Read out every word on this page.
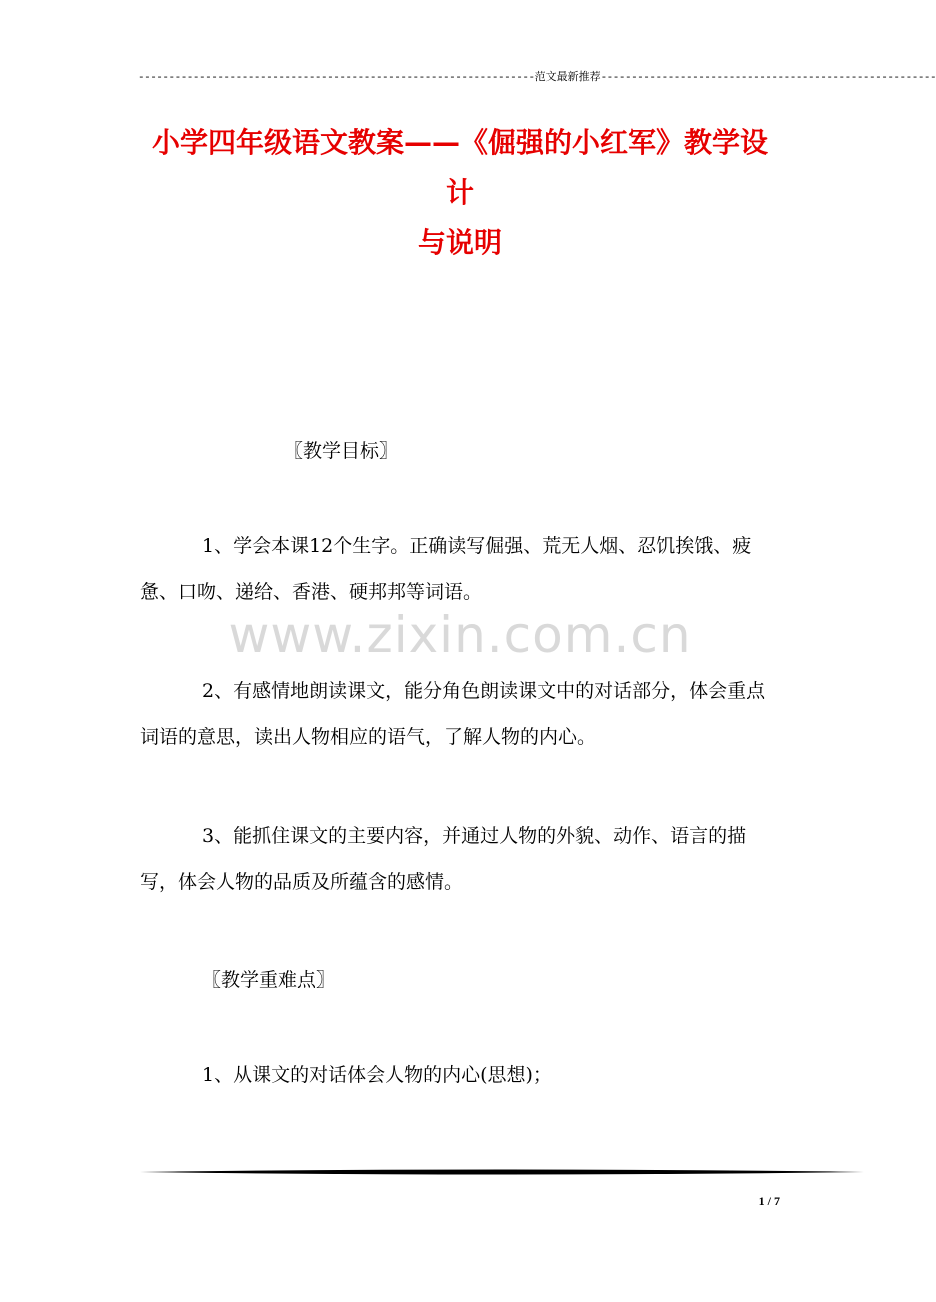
-----------------------------------------------------------------范文最新推荐-------------------------------------------------------
小学四年级语文教案——《倔强的小红军》教学设计
与说明
〖教学目标〗
1、学会本课12个生字。正确读写倔强、荒无人烟、忍饥挨饿、疲惫、口吻、递给、香港、硬邦邦等词语。
www.zixin.com.cn
2、有感情地朗读课文，能分角色朗读课文中的对话部分，体会重点词语的意思，读出人物相应的语气，了解人物的内心。
3、能抓住课文的主要内容，并通过人物的外貌、动作、语言的描写，体会人物的品质及所蕴含的感情。
〖教学重难点〗
1、从课文的对话体会人物的内心(思想)；
1 / 7
